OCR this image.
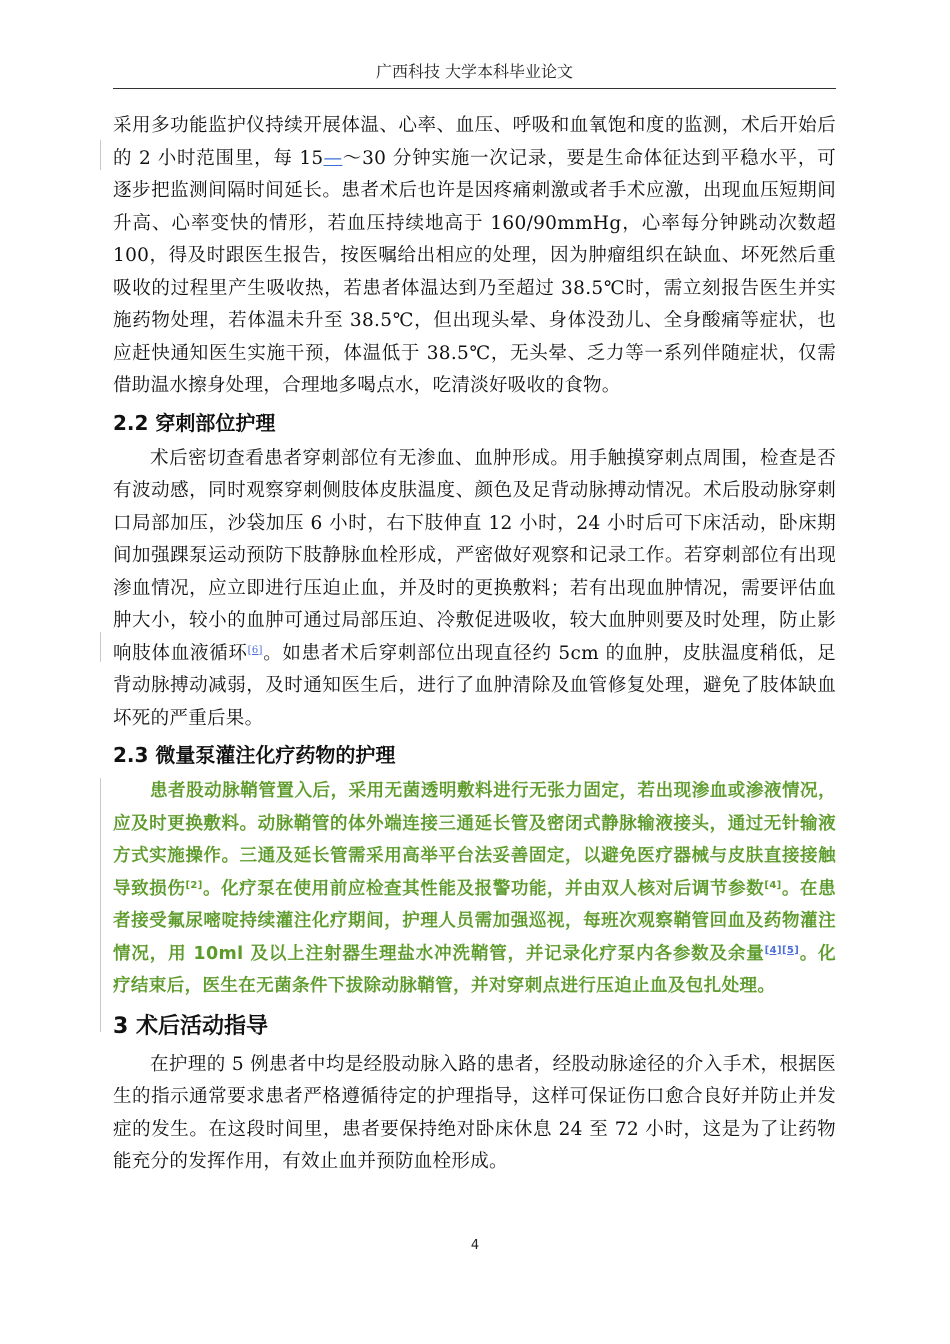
广西科技 大学本科毕业论文

采用多功能监护仪持续开展体温、心率、血压、呼吸和血氧饱和度的监测，术后开始后的 2 小时范围里，每 15—～30 分钟实施一次记录，要是生命体征达到平稳水平，可逐步把监测间隔时间延长。患者术后也许是因疼痛刺激或者手术应激，出现血压短期间升高、心率变快的情形，若血压持续地高于 160/90mmHg，心率每分钟跳动次数超 100，得及时跟医生报告，按医嘱给出相应的处理，因为肿瘤组织在缺血、坏死然后重吸收的过程里产生吸收热，若患者体温达到乃至超过 38.5℃时，需立刻报告医生并实施药物处理，若体温未升至 38.5℃，但出现头晕、身体没劲儿、全身酸痛等症状，也应赶快通知医生实施干预，体温低于 38.5℃，无头晕、乏力等一系列伴随症状，仅需借助温水擦身处理，合理地多喝点水，吃清淡好吸收的食物。

2.2 穿刺部位护理

术后密切查看患者穿刺部位有无渗血、血肿形成。用手触摸穿刺点周围，检查是否有波动感，同时观察穿刺侧肢体皮肤温度、颜色及足背动脉搏动情况。术后股动脉穿刺口局部加压，沙袋加压 6 小时，右下肢伸直 12 小时，24 小时后可下床活动，卧床期间加强踝泵运动预防下肢静脉血栓形成，严密做好观察和记录工作。若穿刺部位有出现渗血情况，应立即进行压迫止血，并及时的更换敷料；若有出现血肿情况，需要评估血肿大小，较小的血肿可通过局部压迫、冷敷促进吸收，较大血肿则要及时处理，防止影响肢体血液循环[6]。如患者术后穿刺部位出现直径约 5cm 的血肿，皮肤温度稍低，足背动脉搏动减弱，及时通知医生后，进行了血肿清除及血管修复处理，避免了肢体缺血坏死的严重后果。

2.3 微量泵灌注化疗药物的护理

患者股动脉鞘管置入后，采用无菌透明敷料进行无张力固定，若出现渗血或渗液情况，应及时更换敷料。动脉鞘管的体外端连接三通延长管及密闭式静脉输液接头，通过无针输液方式实施操作。三通及延长管需采用高举平台法妥善固定，以避免医疗器械与皮肤直接接触导致损伤[2]。化疗泵在使用前应检查其性能及报警功能，并由双人核对后调节参数[4]。在患者接受氟尿嘧啶持续灌注化疗期间，护理人员需加强巡视，每班次观察鞘管回血及药物灌注情况，用 10ml 及以上注射器生理盐水冲洗鞘管，并记录化疗泵内各参数及余量[4][5]。化疗结束后，医生在无菌条件下拔除动脉鞘管，并对穿刺点进行压迫止血及包扎处理。

3 术后活动指导

在护理的 5 例患者中均是经股动脉入路的患者，经股动脉途径的介入手术，根据医生的指示通常要求患者严格遵循待定的护理指导，这样可保证伤口愈合良好并防止并发症的发生。在这段时间里，患者要保持绝对卧床休息 24 至 72 小时，这是为了让药物能充分的发挥作用，有效止血并预防血栓形成。

4
